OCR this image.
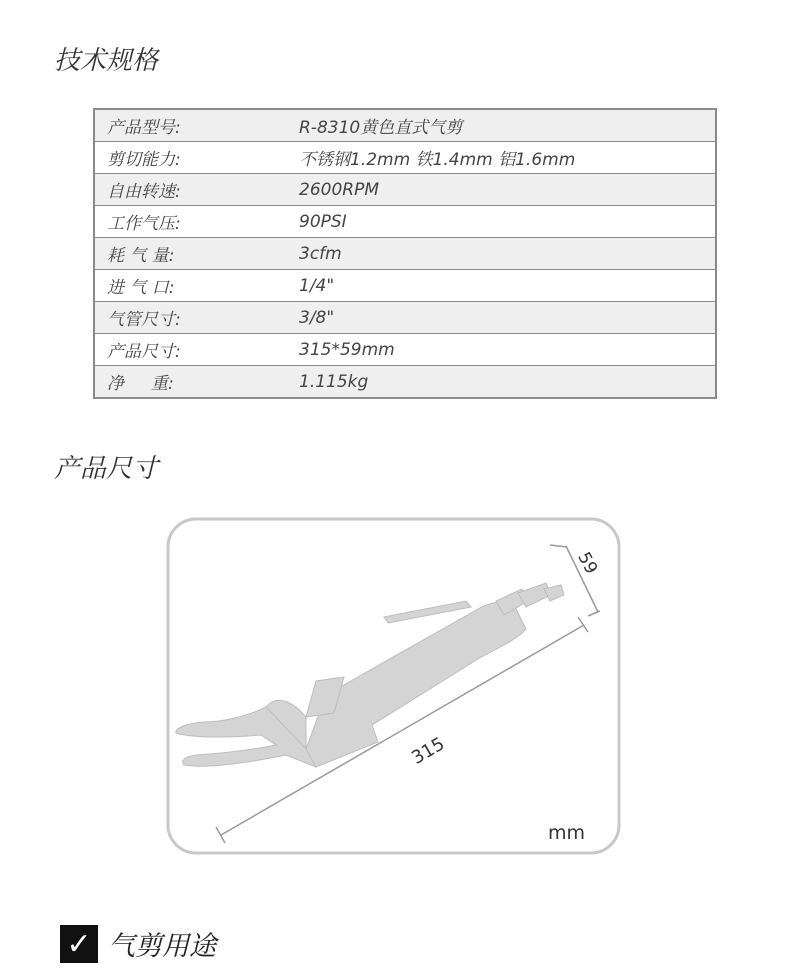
技术规格
产品型号:	R-8310黄色直式气剪
剪切能力:	不锈钢1.2mm 铁1.4mm 铝1.6mm
自由转速:	2600RPM
工作气压:	90PSI
耗 气 量:	3cfm
进 气 口:	1/4"
气管尺寸:	3/8"
产品尺寸:	315*59mm
净     重:	1.115kg
产品尺寸
315
59
mm
✓ 气剪用途
